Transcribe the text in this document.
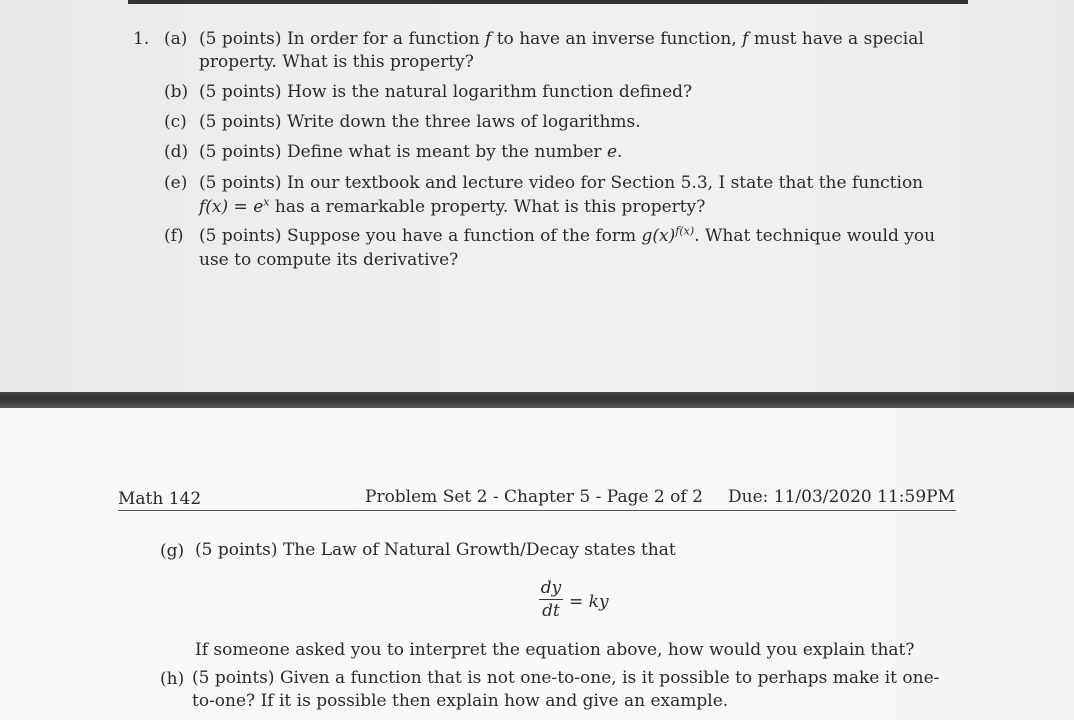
1. (a) (5 points) In order for a function f to have an inverse function, f must have a special
property. What is this property?
(b) (5 points) How is the natural logarithm function defined?
(c) (5 points) Write down the three laws of logarithms.
(d) (5 points) Define what is meant by the number e.
(e) (5 points) In our textbook and lecture video for Section 5.3, I state that the function
$f(x) = e^x$ has a remarkable property. What is this property?
(f) (5 points) Suppose you have a function of the form $g(x)^{f(x)}$. What technique would you
use to compute its derivative?
Math 142	Problem Set 2 - Chapter 5 - Page 2 of 2 Due: 11/03/2020 11:59PM
(g) (5 points) The Law of Natural Growth/Decay states that
dy
dt = ky
If someone asked you to interpret the equation above, how would you explain that?
(h) (5 points) Given a function that is not one-to-one, is it possible to perhaps make it one-
to-one? If it is possible then explain how and give an example.
